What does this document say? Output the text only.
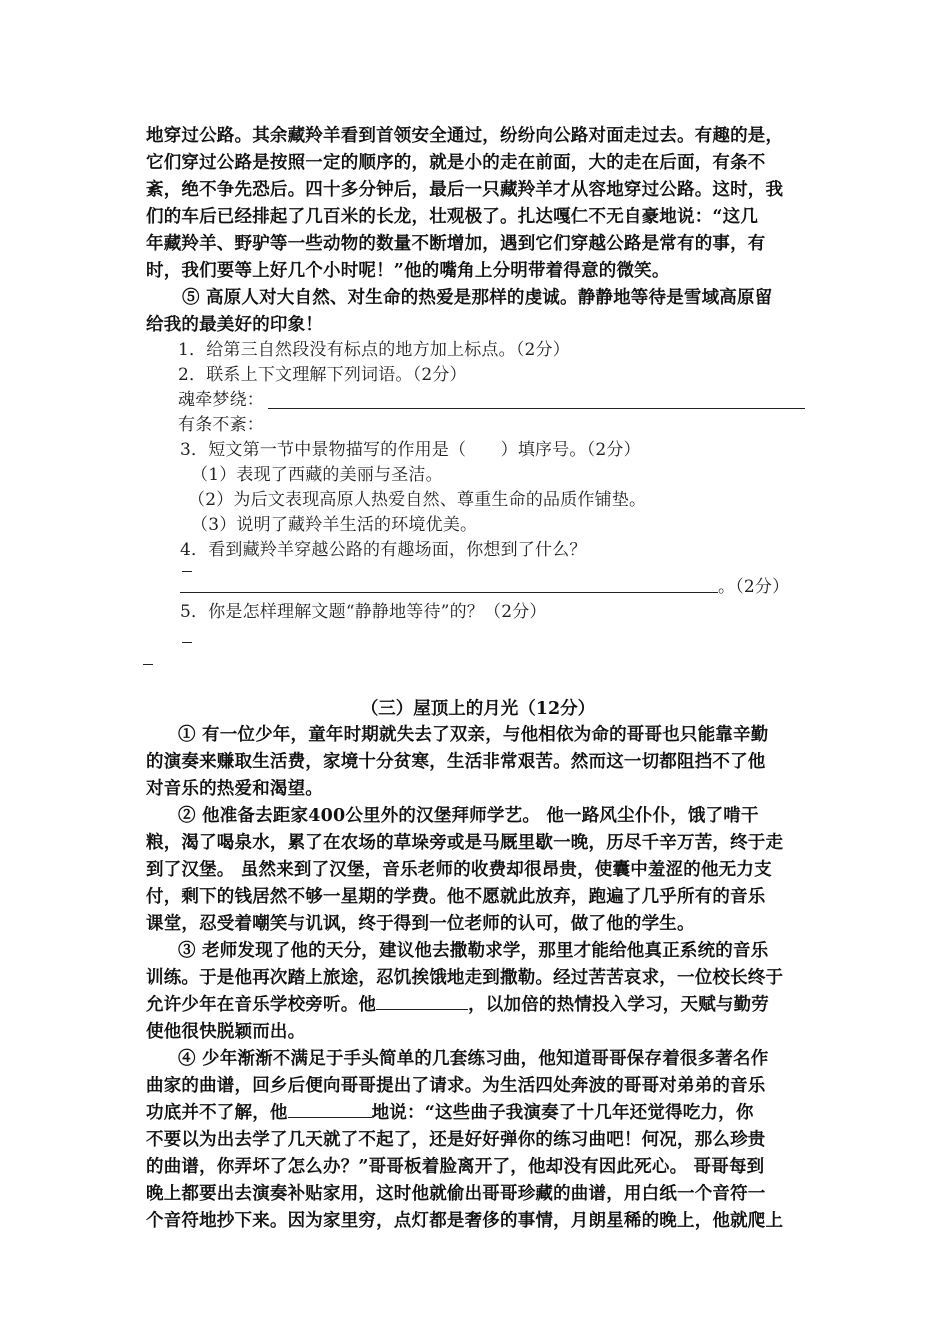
地穿过公路。其余藏羚羊看到首领安全通过，纷纷向公路对面走过去。有趣的是，
它们穿过公路是按照一定的顺序的，就是小的走在前面，大的走在后面，有条不
紊，绝不争先恐后。四十多分钟后，最后一只藏羚羊才从容地穿过公路。这时，我
们的车后已经排起了几百米的长龙，壮观极了。扎达嘎仁不无自豪地说：“这几
年藏羚羊、野驴等一些动物的数量不断增加，遇到它们穿越公路是常有的事，有
时，我们要等上好几个小时呢！”他的嘴角上分明带着得意的微笑。
⑤ 高原人对大自然、对生命的热爱是那样的虔诚。静静地等待是雪域高原留
给我的最美好的印象！
1．给第三自然段没有标点的地方加上标点。（2分）
2．联系上下文理解下列词语。（2分）
魂牵梦绕：
有条不紊：
3．短文第一节中景物描写的作用是（　　）填序号。（2分）
（1）表现了西藏的美丽与圣洁。
（2）为后文表现高原人热爱自然、尊重生命的品质作铺垫。
（3）说明了藏羚羊生活的环境优美。
4．看到藏羚羊穿越公路的有趣场面，你想到了什么？
。（2分）
5．你是怎样理解文题“静静地等待”的？（2分）
（三）屋顶上的月光（12分）
① 有一位少年，童年时期就失去了双亲，与他相依为命的哥哥也只能靠辛勤
的演奏来赚取生活费，家境十分贫寒，生活非常艰苦。然而这一切都阻挡不了他
对音乐的热爱和渴望。
② 他准备去距家400公里外的汉堡拜师学艺。 他一路风尘仆仆，饿了啃干
粮，渴了喝泉水，累了在农场的草垛旁或是马厩里歇一晚，历尽千辛万苦，终于走
到了汉堡。 虽然来到了汉堡，音乐老师的收费却很昂贵，使囊中羞涩的他无力支
付，剩下的钱居然不够一星期的学费。他不愿就此放弃，跑遍了几乎所有的音乐
课堂，忍受着嘲笑与讥讽，终于得到一位老师的认可，做了他的学生。
③ 老师发现了他的天分，建议他去撒勒求学，那里才能给他真正系统的音乐
训练。于是他再次踏上旅途，忍饥挨饿地走到撒勒。经过苦苦哀求，一位校长终于
允许少年在音乐学校旁听。他	，以加倍的热情投入学习，天赋与勤劳
使他很快脱颖而出。
④ 少年渐渐不满足于手头简单的几套练习曲，他知道哥哥保存着很多著名作
曲家的曲谱，回乡后便向哥哥提出了请求。为生活四处奔波的哥哥对弟弟的音乐
功底并不了解，他	地说：“这些曲子我演奏了十几年还觉得吃力，你
不要以为出去学了几天就了不起了，还是好好弹你的练习曲吧！何况，那么珍贵
的曲谱，你弄坏了怎么办？”哥哥板着脸离开了，他却没有因此死心。 哥哥每到
晚上都要出去演奏补贴家用，这时他就偷出哥哥珍藏的曲谱，用白纸一个音符一
个音符地抄下来。因为家里穷，点灯都是奢侈的事情，月朗星稀的晚上，他就爬上
